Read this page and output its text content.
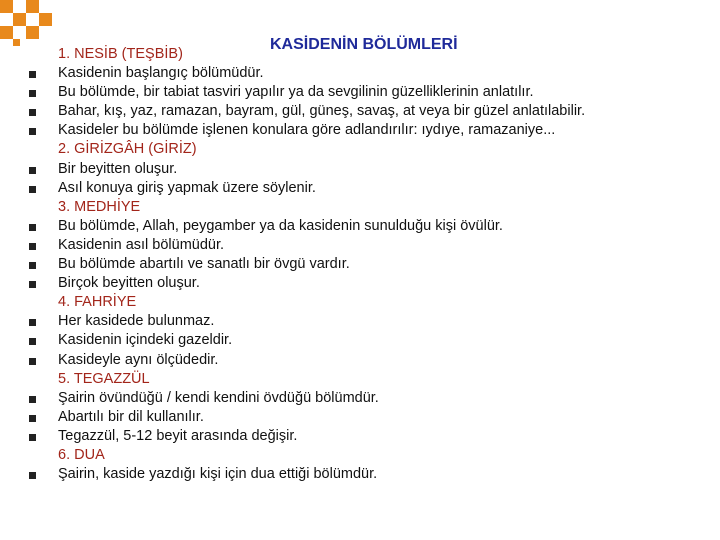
KASİDENİN BÖLÜMLERİ
1. NESİB (TEŞBİB)
Kasidenin başlangıç bölümüdür.
Bu bölümde, bir tabiat tasviri yapılır ya da sevgilinin güzelliklerinin anlatılır.
Bahar, kış, yaz, ramazan, bayram, gül, güneş, savaş, at veya bir güzel anlatılabilir.
Kasideler bu bölümde işlenen konulara göre adlandırılır: ıydıye, ramazaniye...
2. GİRİZGÂH (GİRİZ)
Bir beyitten oluşur.
Asıl konuya giriş yapmak üzere söylenir.
3. MEDHİYE
Bu bölümde, Allah, peygamber ya da kasidenin sunulduğu kişi övülür.
Kasidenin asıl bölümüdür.
Bu bölümde abartılı ve sanatlı bir övgü vardır.
Birçok beyitten oluşur.
4. FAHRİYE
Her kasidede bulunmaz.
Kasidenin içindeki gazeldir.
Kasideyle aynı ölçüdedir.
5. TEGAZZÜL
Şairin övündüğü / kendi kendini övdüğü bölümdür.
Abartılı bir dil kullanılır.
Tegazzül, 5-12 beyit arasında değişir.
6. DUA
Şairin, kaside yazdığı kişi için dua ettiği bölümdür.
